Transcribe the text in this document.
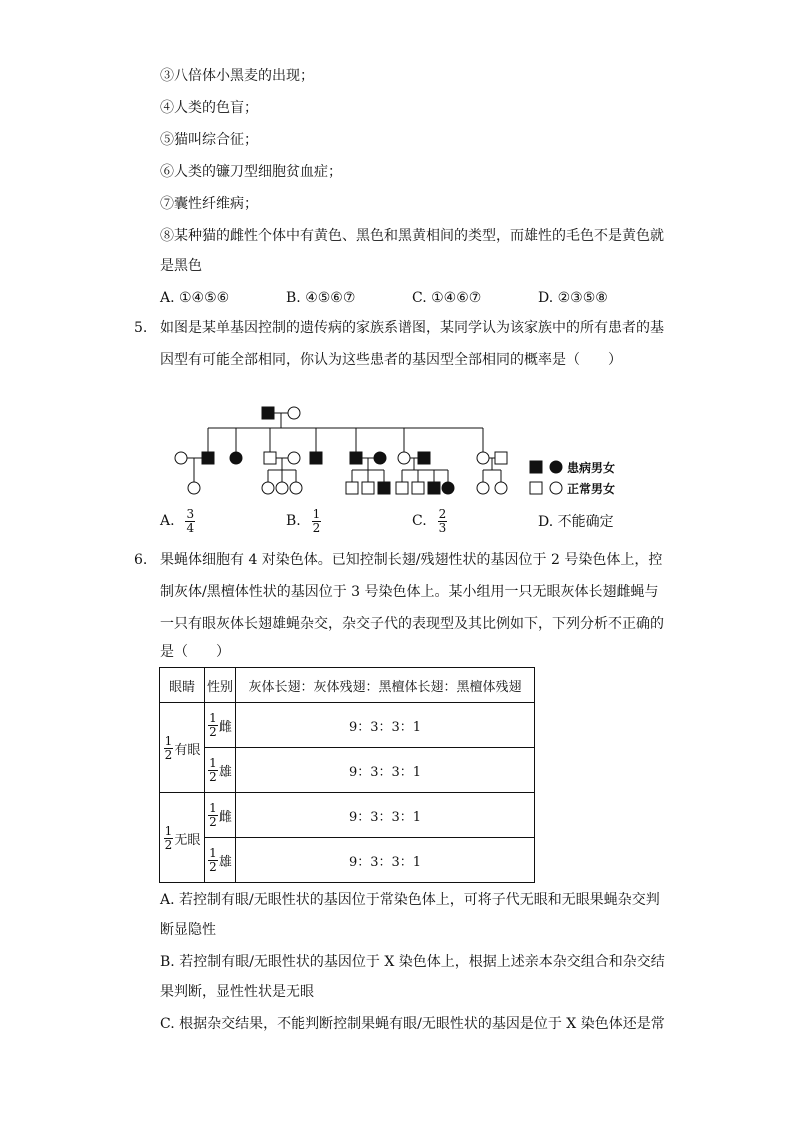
③八倍体小黑麦的出现；
④人类的色盲；
⑤猫叫综合征；
⑥人类的镰刀型细胞贫血症；
⑦囊性纤维病；
⑧某种猫的雌性个体中有黄色、黑色和黑黄相间的类型，而雄性的毛色不是黄色就
是黑色
A. ①④⑤⑥	B. ④⑤⑥⑦	C. ①④⑥⑦	D. ②③⑤⑧
5. 如图是某单基因控制的遗传病的家族系谱图，某同学认为该家族中的所有患者的基
因型有可能全部相同，你认为这些患者的基因型全部相同的概率是（　　）
患病男女
正常男女
A.
$\frac{3}{4}$	B.
$\frac{1}{2}$	C.
$\frac{2}{3}$	D. 不能确定
6. 果蝇体细胞有 4 对染色体。已知控制长翅/残翅性状的基因位于 2 号染色体上，控
制灰体/黑檀体性状的基因位于 3 号染色体上。某小组用一只无眼灰体长翅雌蝇与
一只有眼灰体长翅雄蝇杂交，杂交子代的表现型及其比例如下，下列分析不正确的
是（　　）
眼睛	性别	灰体长翅：灰体残翅：黑檀体长翅：黑檀体残翅

$\frac{1}{2}$ 有眼	$\frac{1}{2}$ 雌	9：3：3：1

	$\frac{1}{2}$ 雄	9：3：3：1

$\frac{1}{2}$ 无眼	$\frac{1}{2}$ 雌	9：3：3：1

	$\frac{1}{2}$ 雄	9：3：3：1
A. 若控制有眼/无眼性状的基因位于常染色体上，可将子代无眼和无眼果蝇杂交判
断显隐性
B. 若控制有眼/无眼性状的基因位于 X 染色体上，根据上述亲本杂交组合和杂交结
果判断，显性性状是无眼
C. 根据杂交结果，不能判断控制果蝇有眼/无眼性状的基因是位于 X 染色体还是常
